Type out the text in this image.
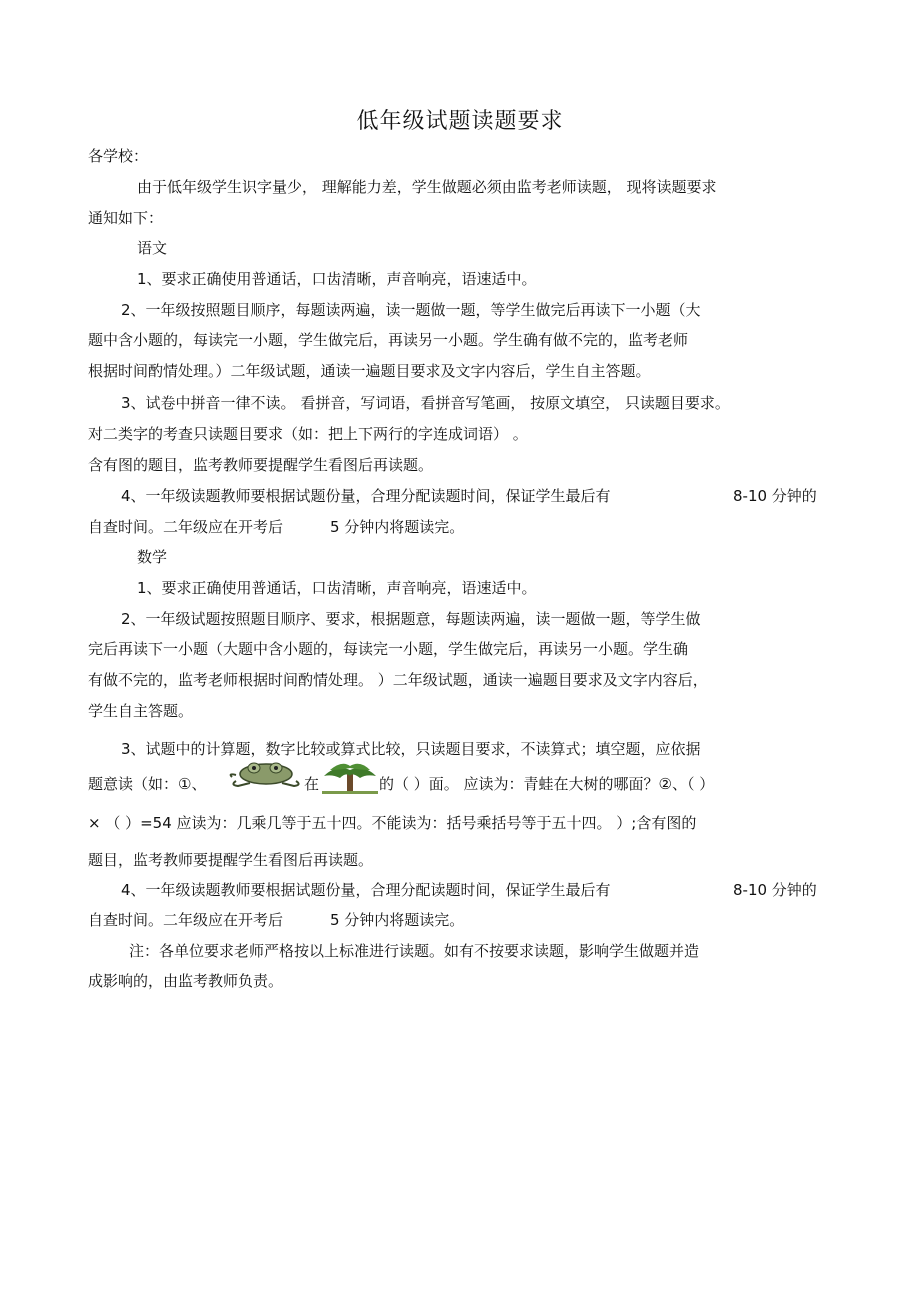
低年级试题读题要求
各学校：
由于低年级学生识字量少， 理解能力差，学生做题必须由监考老师读题， 现将读题要求
通知如下：
语文
1、要求正确使用普通话，口齿清晰，声音响亮，语速适中。
2、一年级按照题目顺序，每题读两遍，读一题做一题，等学生做完后再读下一小题（大
题中含小题的，每读完一小题，学生做完后，再读另一小题。学生确有做不完的，监考老师
根据时间酌情处理。）二年级试题，通读一遍题目要求及文字内容后，学生自主答题。
3、试卷中拼音一律不读。 看拼音，写词语，看拼音写笔画， 按原文填空， 只读题目要求。
对二类字的考查只读题目要求（如：把上下两行的字连成词语） 。
含有图的题目，监考教师要提醒学生看图后再读题。
4、一年级读题教师要根据试题份量，合理分配读题时间，保证学生最后有	8-10 分钟的
自查时间。二年级应在开考后	5 分钟内将题读完。
数学
1、要求正确使用普通话，口齿清晰，声音响亮，语速适中。
2、一年级试题按照题目顺序、要求，根据题意，每题读两遍，读一题做一题，等学生做
完后再读下一小题（大题中含小题的，每读完一小题，学生做完后，再读另一小题。学生确
有做不完的，监考老师根据时间酌情处理。 ）二年级试题，通读一遍题目要求及文字内容后，
学生自主答题。
3、试题中的计算题，数字比较或算式比较，只读题目要求，不读算式；填空题，应依据
题意读（如：①、	在	的（ ）面。 应读为：青蛙在大树的哪面？②、（ ）
× （ ）=54 应读为：几乘几等于五十四。不能读为：括号乘括号等于五十四。 ）;含有图的
题目，监考教师要提醒学生看图后再读题。
4、一年级读题教师要根据试题份量，合理分配读题时间，保证学生最后有	8-10 分钟的
自查时间。二年级应在开考后	5 分钟内将题读完。
注：各单位要求老师严格按以上标准进行读题。如有不按要求读题，影响学生做题并造
成影响的，由监考教师负责。
